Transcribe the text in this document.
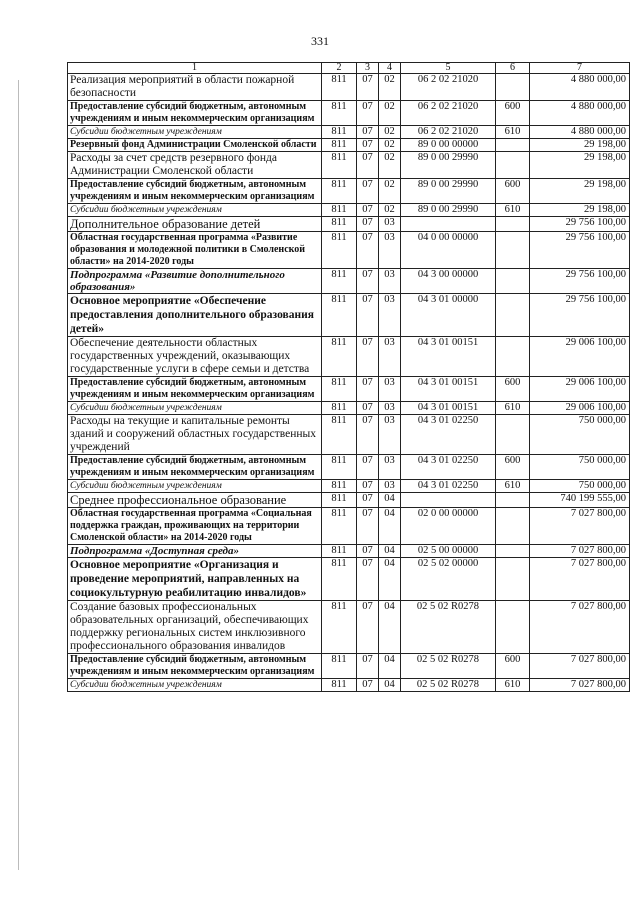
331
1	2	3	4	5	6	7
Реализация мероприятий в области пожарной безопасности	811	07	02	06 2 02 21020		4 880 000,00
Предоставление субсидий бюджетным, автономным учреждениям и иным некоммерческим организациям	811	07	02	06 2 02 21020	600	4 880 000,00
Субсидии бюджетным учреждениям	811	07	02	06 2 02 21020	610	4 880 000,00
Резервный фонд Администрации Смоленской области	811	07	02	89 0 00 00000		29 198,00
Расходы за счет средств резервного фонда Администрации Смоленской области	811	07	02	89 0 00 29990		29 198,00
Предоставление субсидий бюджетным, автономным учреждениям и иным некоммерческим организациям	811	07	02	89 0 00 29990	600	29 198,00
Субсидии бюджетным учреждениям	811	07	02	89 0 00 29990	610	29 198,00
Дополнительное образование детей	811	07	03			29 756 100,00
Областная государственная программа «Развитие образования и молодежной политики в Смоленской области» на 2014-2020 годы	811	07	03	04 0 00 00000		29 756 100,00
Подпрограмма «Развитие дополнительного образования»	811	07	03	04 3 00 00000		29 756 100,00
Основное мероприятие «Обеспечение предоставления дополнительного образования детей»	811	07	03	04 3 01 00000		29 756 100,00
Обеспечение деятельности областных государственных учреждений, оказывающих государственные услуги в сфере семьи и детства	811	07	03	04 3 01 00151		29 006 100,00
Предоставление субсидий бюджетным, автономным учреждениям и иным некоммерческим организациям	811	07	03	04 3 01 00151	600	29 006 100,00
Субсидии бюджетным учреждениям	811	07	03	04 3 01 00151	610	29 006 100,00
Расходы на текущие и капитальные ремонты зданий и сооружений областных государственных учреждений	811	07	03	04 3 01 02250		750 000,00
Предоставление субсидий бюджетным, автономным учреждениям и иным некоммерческим организациям	811	07	03	04 3 01 02250	600	750 000,00
Субсидии бюджетным учреждениям	811	07	03	04 3 01 02250	610	750 000,00
Среднее профессиональное образование	811	07	04			740 199 555,00
Областная государственная программа «Социальная поддержка граждан, проживающих на территории Смоленской области» на 2014-2020 годы	811	07	04	02 0 00 00000		7 027 800,00
Подпрограмма «Доступная среда»	811	07	04	02 5 00 00000		7 027 800,00
Основное мероприятие «Организация и проведение мероприятий, направленных на социокультурную реабилитацию инвалидов»	811	07	04	02 5 02 00000		7 027 800,00
Создание базовых профессиональных образовательных организаций, обеспечивающих поддержку региональных систем инклюзивного профессионального образования инвалидов	811	07	04	02 5 02 R0278		7 027 800,00
Предоставление субсидий бюджетным, автономным учреждениям и иным некоммерческим организациям	811	07	04	02 5 02 R0278	600	7 027 800,00
Субсидии бюджетным учреждениям	811	07	04	02 5 02 R0278	610	7 027 800,00
